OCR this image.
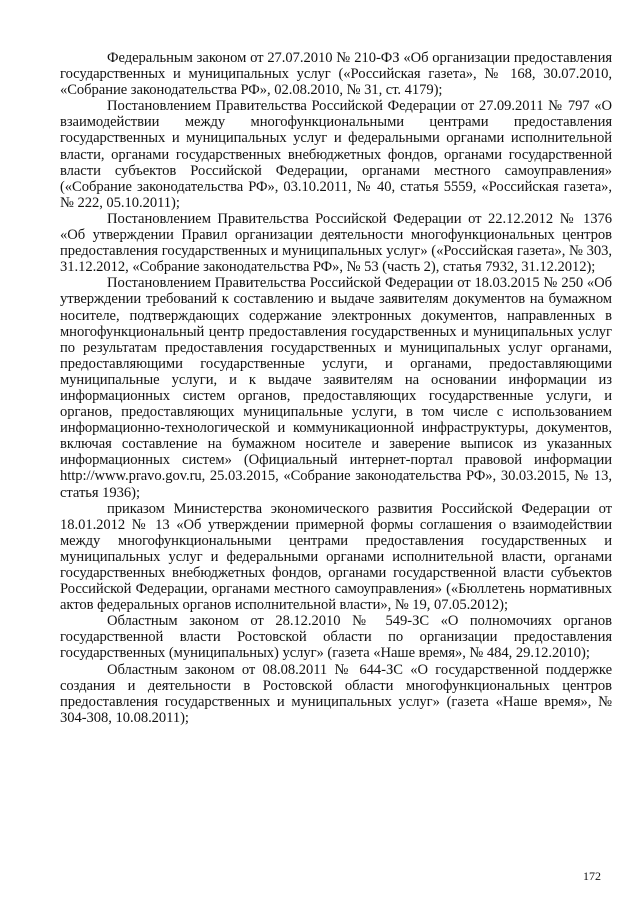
Федеральным законом от 27.07.2010 № 210-ФЗ «Об организации предоставления государственных и муниципальных услуг («Российская газета», № 168, 30.07.2010, «Собрание законодательства РФ», 02.08.2010, № 31, ст. 4179);

Постановлением Правительства Российской Федерации от 27.09.2011 № 797 «О взаимодействии между многофункциональными центрами предоставления государственных и муниципальных услуг и федеральными органами исполнительной власти, органами государственных внебюджетных фондов, органами государственной власти субъектов Российской Федерации, органами местного самоуправления» («Собрание законодательства РФ», 03.10.2011, № 40, статья 5559, «Российская газета», № 222, 05.10.2011);

Постановлением Правительства Российской Федерации от 22.12.2012 № 1376 «Об утверждении Правил организации деятельности многофункциональных центров предоставления государственных и муниципальных услуг» («Российская газета», № 303, 31.12.2012, «Собрание законодательства РФ», № 53 (часть 2), статья 7932, 31.12.2012);

Постановлением Правительства Российской Федерации от 18.03.2015 № 250 «Об утверждении требований к составлению и выдаче заявителям документов на бумажном носителе, подтверждающих содержание электронных документов, направленных в многофункциональный центр предоставления государственных и муниципальных услуг по результатам предоставления государственных и муниципальных услуг органами, предоставляющими государственные услуги, и органами, предоставляющими муниципальные услуги, и к выдаче заявителям на основании информации из информационных систем органов, предоставляющих государственные услуги, и органов, предоставляющих муниципальные услуги, в том числе с использованием информационно-технологической и коммуникационной инфраструктуры, документов, включая составление на бумажном носителе и заверение выписок из указанных информационных систем» (Официальный интернет-портал правовой информации http://www.pravo.gov.ru, 25.03.2015, «Собрание законодательства РФ», 30.03.2015, № 13, статья 1936);

приказом Министерства экономического развития Российской Федерации от 18.01.2012 № 13 «Об утверждении примерной формы соглашения о взаимодействии между многофункциональными центрами предоставления государственных и муниципальных услуг и федеральными органами исполнительной власти, органами государственных внебюджетных фондов, органами государственной власти субъектов Российской Федерации, органами местного самоуправления» («Бюллетень нормативных актов федеральных органов исполнительной власти», № 19, 07.05.2012);

Областным законом от 28.12.2010 № 549-ЗС «О полномочиях органов государственной власти Ростовской области по организации предоставления государственных (муниципальных) услуг» (газета «Наше время», № 484, 29.12.2010);

Областным законом от 08.08.2011 № 644-ЗС «О государственной поддержке создания и деятельности в Ростовской области многофункциональных центров предоставления государственных и муниципальных услуг» (газета «Наше время», № 304-308, 10.08.2011);

172
